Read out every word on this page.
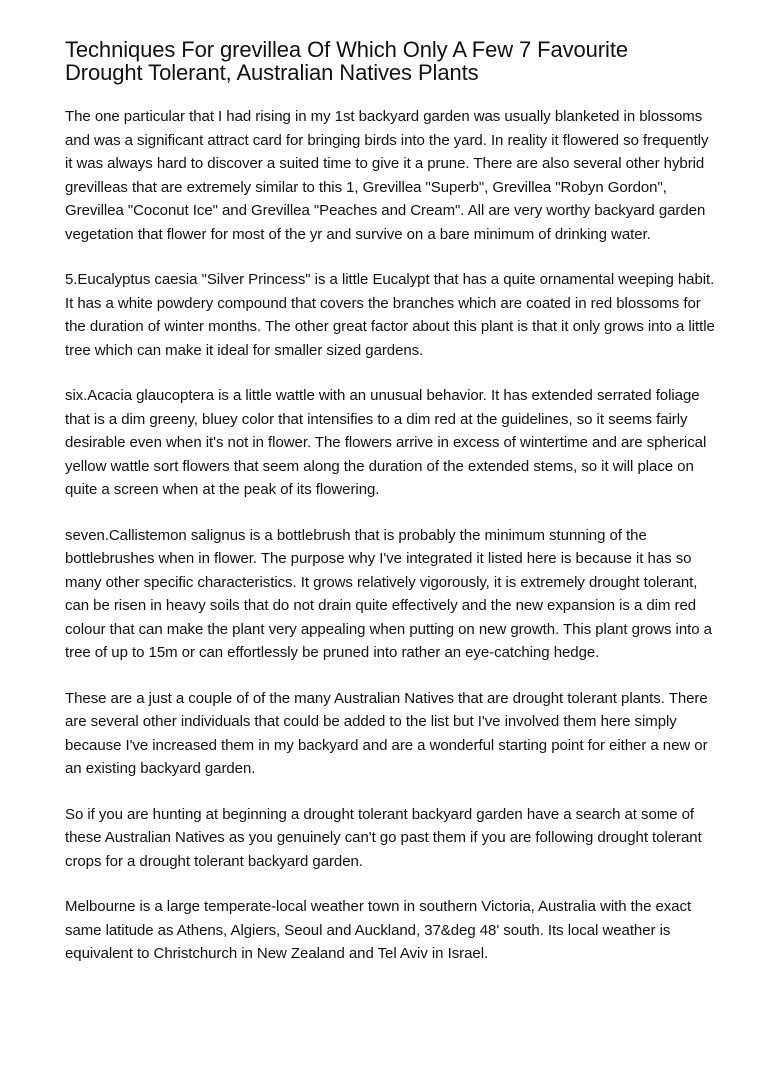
Techniques For grevillea Of Which Only A Few 7 Favourite
Drought Tolerant, Australian Natives Plants

The one particular that I had rising in my 1st backyard garden was usually blanketed in blossoms and was a significant attract card for bringing birds into the yard. In reality it flowered so frequently it was always hard to discover a suited time to give it a prune. There are also several other hybrid grevilleas that are extremely similar to this 1, Grevillea "Superb", Grevillea "Robyn Gordon", Grevillea "Coconut Ice" and Grevillea "Peaches and Cream". All are very worthy backyard garden vegetation that flower for most of the yr and survive on a bare minimum of drinking water.

5.Eucalyptus caesia "Silver Princess" is a little Eucalypt that has a quite ornamental weeping habit. It has a white powdery compound that covers the branches which are coated in red blossoms for the duration of winter months. The other great factor about this plant is that it only grows into a little tree which can make it ideal for smaller sized gardens.

six.Acacia glaucoptera is a little wattle with an unusual behavior. It has extended serrated foliage that is a dim greeny, bluey color that intensifies to a dim red at the guidelines, so it seems fairly desirable even when it's not in flower. The flowers arrive in excess of wintertime and are spherical yellow wattle sort flowers that seem along the duration of the extended stems, so it will place on quite a screen when at the peak of its flowering.

seven.Callistemon salignus is a bottlebrush that is probably the minimum stunning of the bottlebrushes when in flower. The purpose why I've integrated it listed here is because it has so many other specific characteristics. It grows relatively vigorously, it is extremely drought tolerant, can be risen in heavy soils that do not drain quite effectively and the new expansion is a dim red colour that can make the plant very appealing when putting on new growth. This plant grows into a tree of up to 15m or can effortlessly be pruned into rather an eye-catching hedge.

These are a just a couple of of the many Australian Natives that are drought tolerant plants. There are several other individuals that could be added to the list but I've involved them here simply because I've increased them in my backyard and are a wonderful starting point for either a new or an existing backyard garden.

So if you are hunting at beginning a drought tolerant backyard garden have a search at some of these Australian Natives as you genuinely can't go past them if you are following drought tolerant crops for a drought tolerant backyard garden.

Melbourne is a large temperate-local weather town in southern Victoria, Australia with the exact same latitude as Athens, Algiers, Seoul and Auckland, 37&deg 48' south. Its local weather is equivalent to Christchurch in New Zealand and Tel Aviv in Israel.
